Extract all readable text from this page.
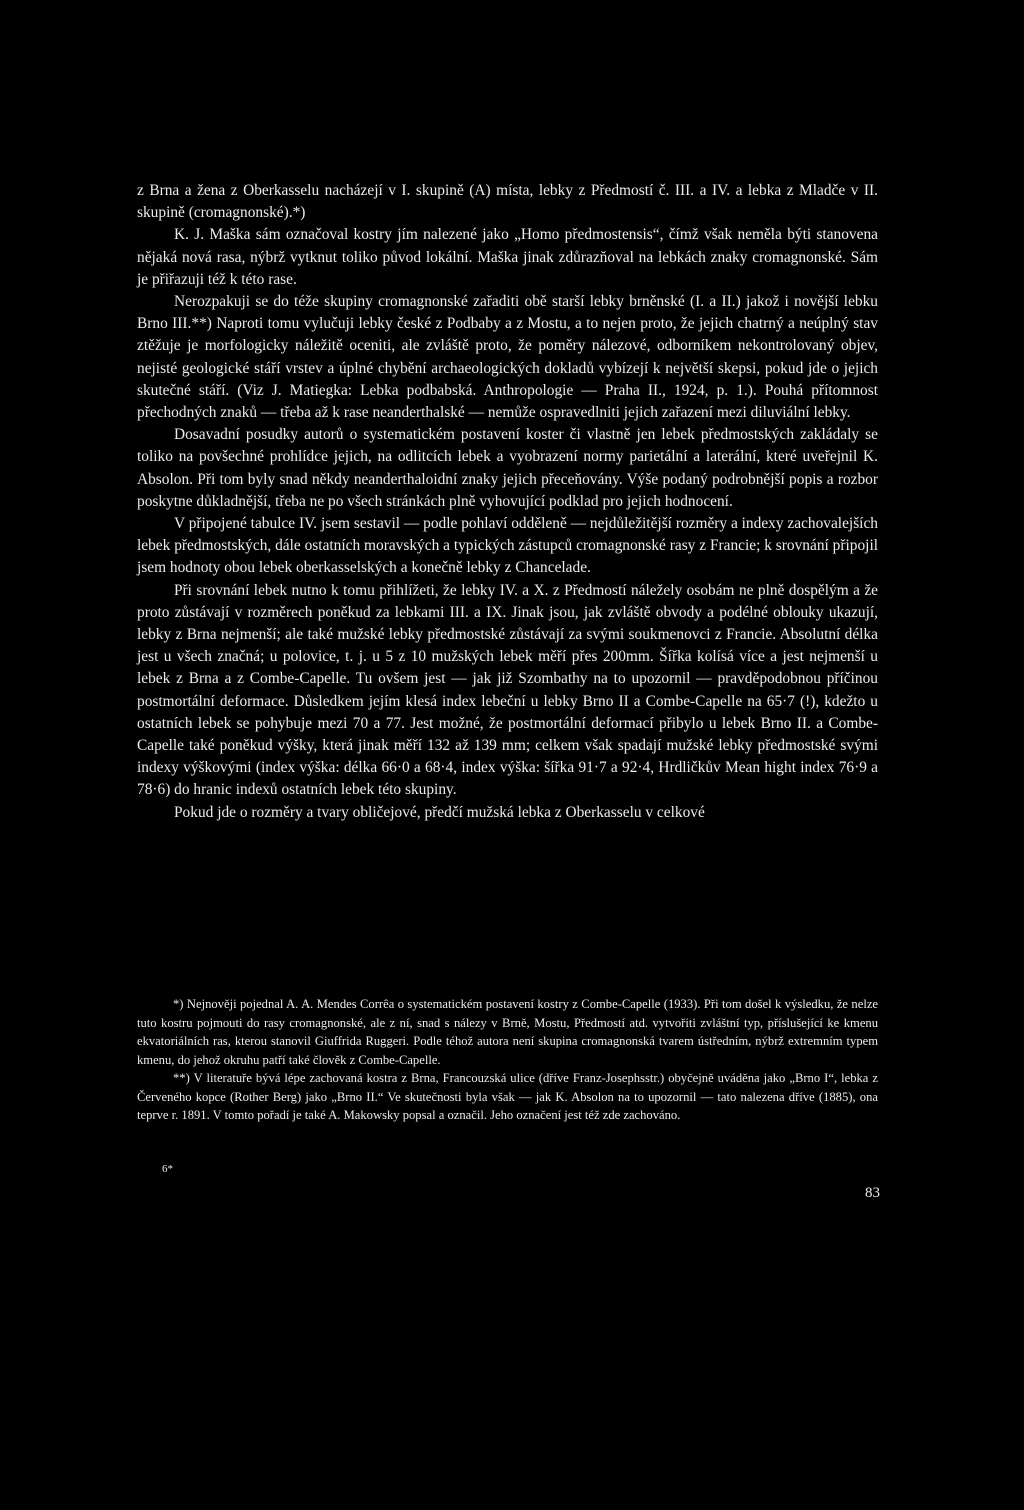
z Brna a žena z Oberkasselu nacházejí v I. skupině (A) místa, lebky z Předmostí č. III. a IV. a lebka z Mladče v II. skupině (cromagnonské).*)

K. J. Maška sám označoval kostry jím nalezené jako „Homo předmostensis“, čímž však neměla býti stanovena nějaká nová rasa, nýbrž vytknut toliko původ lokální. Maška jinak zdůrazňoval na lebkách znaky cromagnonské. Sám je přiřazuji též k této rase.

Nerozpakuji se do téže skupiny cromagnonské zařaditi obě starší lebky brněnské (I. a II.) jakož i novější lebku Brno III.**) Naproti tomu vylučuji lebky české z Podbaby a z Mostu, a to nejen proto, že jejich chatrný a neúplný stav ztěžuje je morfologicky náležitě oceniti, ale zvláště proto, že poměry nálezové, odborníkem nekontrolovaný objev, nejisté geologické stáří vrstev a úplné chybění archaeologických dokladů vybízejí k největší skepsi, pokud jde o jejich skutečné stáří. (Viz J. Matiegka: Lebka podbabská. Anthropologie — Praha II., 1924, p. 1.). Pouhá přítomnost přechodných znaků — třeba až k rase neanderthalské — nemůže ospravedlniti jejich zařazení mezi diluviální lebky.

Dosavadní posudky autorů o systematickém postavení koster či vlastně jen lebek předmostských zakládaly se toliko na povšechné prohlídce jejich, na odlitcích lebek a vyobrazení normy parietální a laterální, které uveřejnil K. Absolon. Při tom byly snad někdy neanderthaloidní znaky jejich přeceňovány. Výše podaný podrobnější popis a rozbor poskytne důkladnější, třeba ne po všech stránkách plně vyhovující podklad pro jejich hodnocení.

V připojené tabulce IV. jsem sestavil — podle pohlaví odděleně — nejdůležitější rozměry a indexy zachovalejších lebek předmostských, dále ostatních moravských a typických zástupců cromagnonské rasy z Francie; k srovnání připojil jsem hodnoty obou lebek oberkasselských a konečně lebky z Chancelade.

Při srovnání lebek nutno k tomu přihlížeti, že lebky IV. a X. z Předmostí náležely osobám ne plně dospělým a že proto zůstávají v rozměrech poněkud za lebkami III. a IX. Jinak jsou, jak zvláště obvody a podélné oblouky ukazují, lebky z Brna nejmenší; ale také mužské lebky předmostské zůstávají za svými soukmenovci z Francie. Absolutní délka jest u všech značná; u polovice, t. j. u 5 z 10 mužských lebek měří přes 200mm. Šířka kolísá více a jest nejmenší u lebek z Brna a z Combe-Capelle. Tu ovšem jest — jak již Szombathy na to upozornil — pravděpodobnou příčinou postmortální deformace. Důsledkem jejím klesá index lebeční u lebky Brno II a Combe-Capelle na 65·7 (!), kdežto u ostatních lebek se pohybuje mezi 70 a 77. Jest možné, že postmortální deformací přibylo u lebek Brno II. a Combe-Capelle také poněkud výšky, která jinak měří 132 až 139 mm; celkem však spadají mužské lebky předmostské svými indexy výškovými (index výška: délka 66·0 a 68·4, index výška: šířka 91·7 a 92·4, Hrdličkův Mean hight index 76·9 a 78·6) do hranic indexů ostatních lebek této skupiny.

Pokud jde o rozměry a tvary obličejové, předčí mužská lebka z Oberkasselu v celkové

*) Nejnověji pojednal A. A. Mendes Corrêa o systematickém postavení kostry z Combe-Capelle (1933). Při tom došel k výsledku, že nelze tuto kostru pojmouti do rasy cromagnonské, ale z ní, snad s nálezy v Brně, Mostu, Předmostí atd. vytvořiti zvláštní typ, příslušející ke kmenu ekvatoriálních ras, kterou stanovil Giuffrida Ruggeri. Podle téhož autora není skupina cromagnonská tvarem ústředním, nýbrž extremním typem kmenu, do jehož okruhu patří také člověk z Combe-Capelle.

**) V literatuře bývá lépe zachovaná kostra z Brna, Francouzská ulice (dříve Franz-Josephsstr.) obyčejně uváděna jako „Brno I“, lebka z Červeného kopce (Rother Berg) jako „Brno II.“ Ve skutečnosti byla však — jak K. Absolon na to upozornil — tato nalezena dříve (1885), ona teprve r. 1891. V tomto pořadí je také A. Makowsky popsal a označil. Jeho označení jest též zde zachováno.

6*
83
